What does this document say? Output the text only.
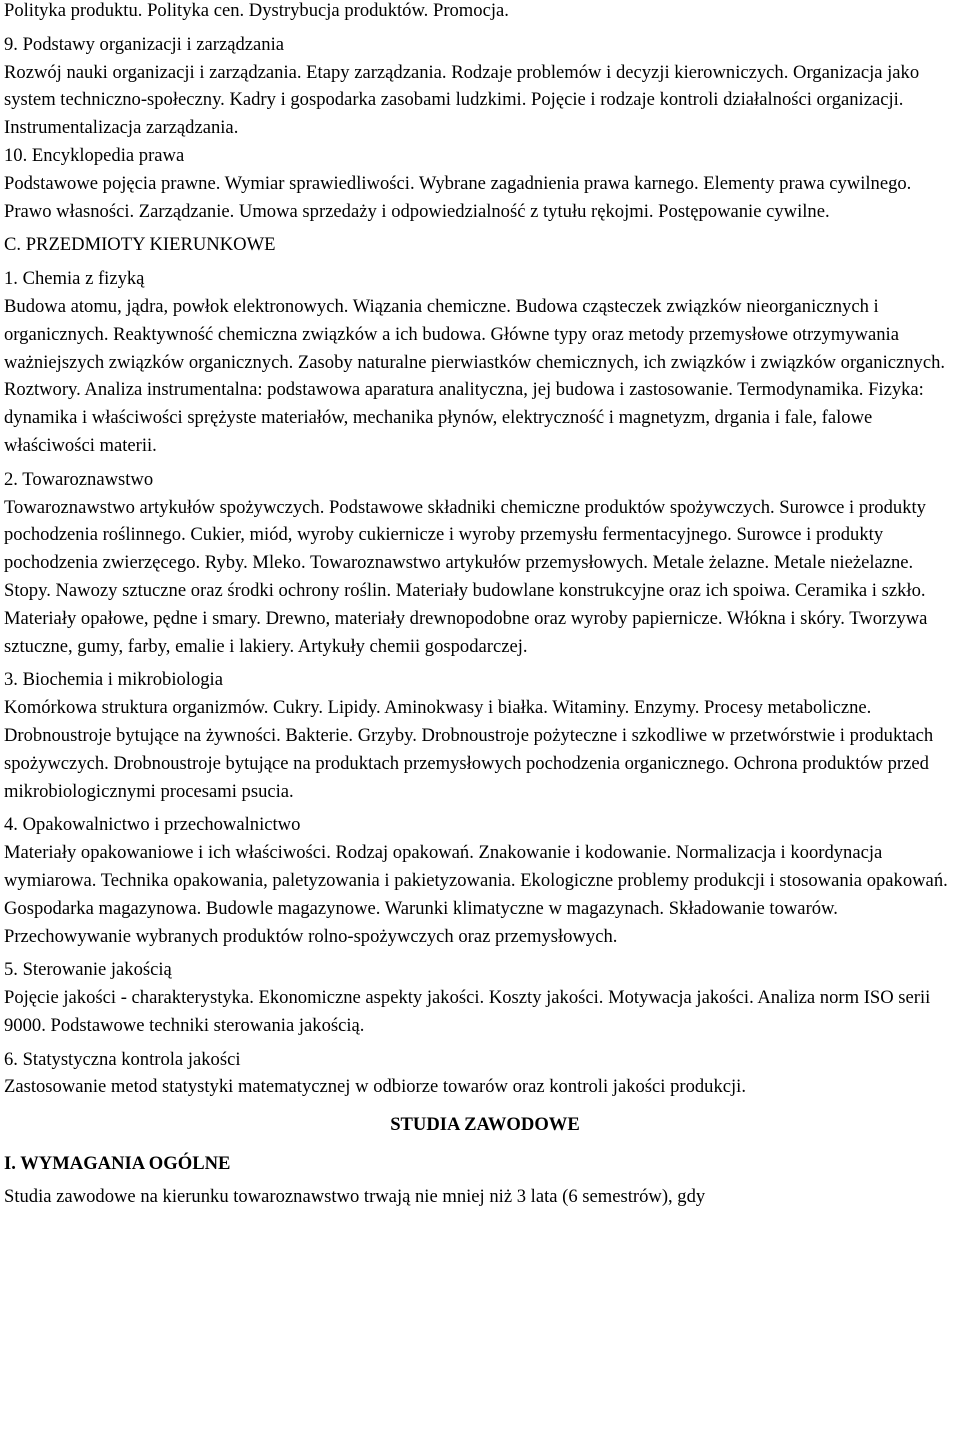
Polityka produktu. Polityka cen. Dystrybucja produktów. Promocja.

9. Podstawy organizacji i zarządzania

Rozwój nauki organizacji i zarządzania. Etapy zarządzania. Rodzaje problemów i decyzji kierowniczych. Organizacja jako system techniczno-społeczny. Kadry i gospodarka zasobami ludzkimi. Pojęcie i rodzaje kontroli działalności organizacji. Instrumentalizacja zarządzania.

10. Encyklopedia prawa

Podstawowe pojęcia prawne. Wymiar sprawiedliwości. Wybrane zagadnienia prawa karnego. Elementy prawa cywilnego. Prawo własności. Zarządzanie. Umowa sprzedaży i odpowiedzialność z tytułu rękojmi. Postępowanie cywilne.

C. PRZEDMIOTY KIERUNKOWE

1. Chemia z fizyką

Budowa atomu, jądra, powłok elektronowych. Wiązania chemiczne. Budowa cząsteczek związków nieorganicznych i organicznych. Reaktywność chemiczna związków a ich budowa. Główne typy oraz metody przemysłowe otrzymywania ważniejszych związków organicznych. Zasoby naturalne pierwiastków chemicznych, ich związków i związków organicznych. Roztwory. Analiza instrumentalna: podstawowa aparatura analityczna, jej budowa i zastosowanie. Termodynamika. Fizyka: dynamika i właściwości sprężyste materiałów, mechanika płynów, elektryczność i magnetyzm, drgania i fale, falowe właściwości materii.

2. Towaroznawstwo

Towaroznawstwo artykułów spożywczych. Podstawowe składniki chemiczne produktów spożywczych. Surowce i produkty pochodzenia roślinnego. Cukier, miód, wyroby cukiernicze i wyroby przemysłu fermentacyjnego. Surowce i produkty pochodzenia zwierzęcego. Ryby. Mleko. Towaroznawstwo artykułów przemysłowych. Metale żelazne. Metale nieżelazne. Stopy. Nawozy sztuczne oraz środki ochrony roślin. Materiały budowlane konstrukcyjne oraz ich spoiwa. Ceramika i szkło. Materiały opałowe, pędne i smary. Drewno, materiały drewnopodobne oraz wyroby papiernicze. Włókna i skóry. Tworzywa sztuczne, gumy, farby, emalie i lakiery. Artykuły chemii gospodarczej.

3. Biochemia i mikrobiologia

Komórkowa struktura organizmów. Cukry. Lipidy. Aminokwasy i białka. Witaminy. Enzymy. Procesy metaboliczne. Drobnoustroje bytujące na żywności. Bakterie. Grzyby. Drobnoustroje pożyteczne i szkodliwe w przetwórstwie i produktach spożywczych. Drobnoustroje bytujące na produktach przemysłowych pochodzenia organicznego. Ochrona produktów przed mikrobiologicznymi procesami psucia.

4. Opakowalnictwo i przechowalnictwo

Materiały opakowaniowe i ich właściwości. Rodzaj opakowań. Znakowanie i kodowanie. Normalizacja i koordynacja wymiarowa. Technika opakowania, paletyzowania i pakietyzowania. Ekologiczne problemy produkcji i stosowania opakowań. Gospodarka magazynowa. Budowle magazynowe. Warunki klimatyczne w magazynach. Składowanie towarów. Przechowywanie wybranych produktów rolno-spożywczych oraz przemysłowych.

5. Sterowanie jakością

Pojęcie jakości - charakterystyka. Ekonomiczne aspekty jakości. Koszty jakości. Motywacja jakości. Analiza norm ISO serii 9000. Podstawowe techniki sterowania jakością.

6. Statystyczna kontrola jakości

Zastosowanie metod statystyki matematycznej w odbiorze towarów oraz kontroli jakości produkcji.

STUDIA ZAWODOWE

I. WYMAGANIA OGÓLNE

Studia zawodowe na kierunku towaroznawstwo trwają nie mniej niż 3 lata (6 semestrów), gdy
